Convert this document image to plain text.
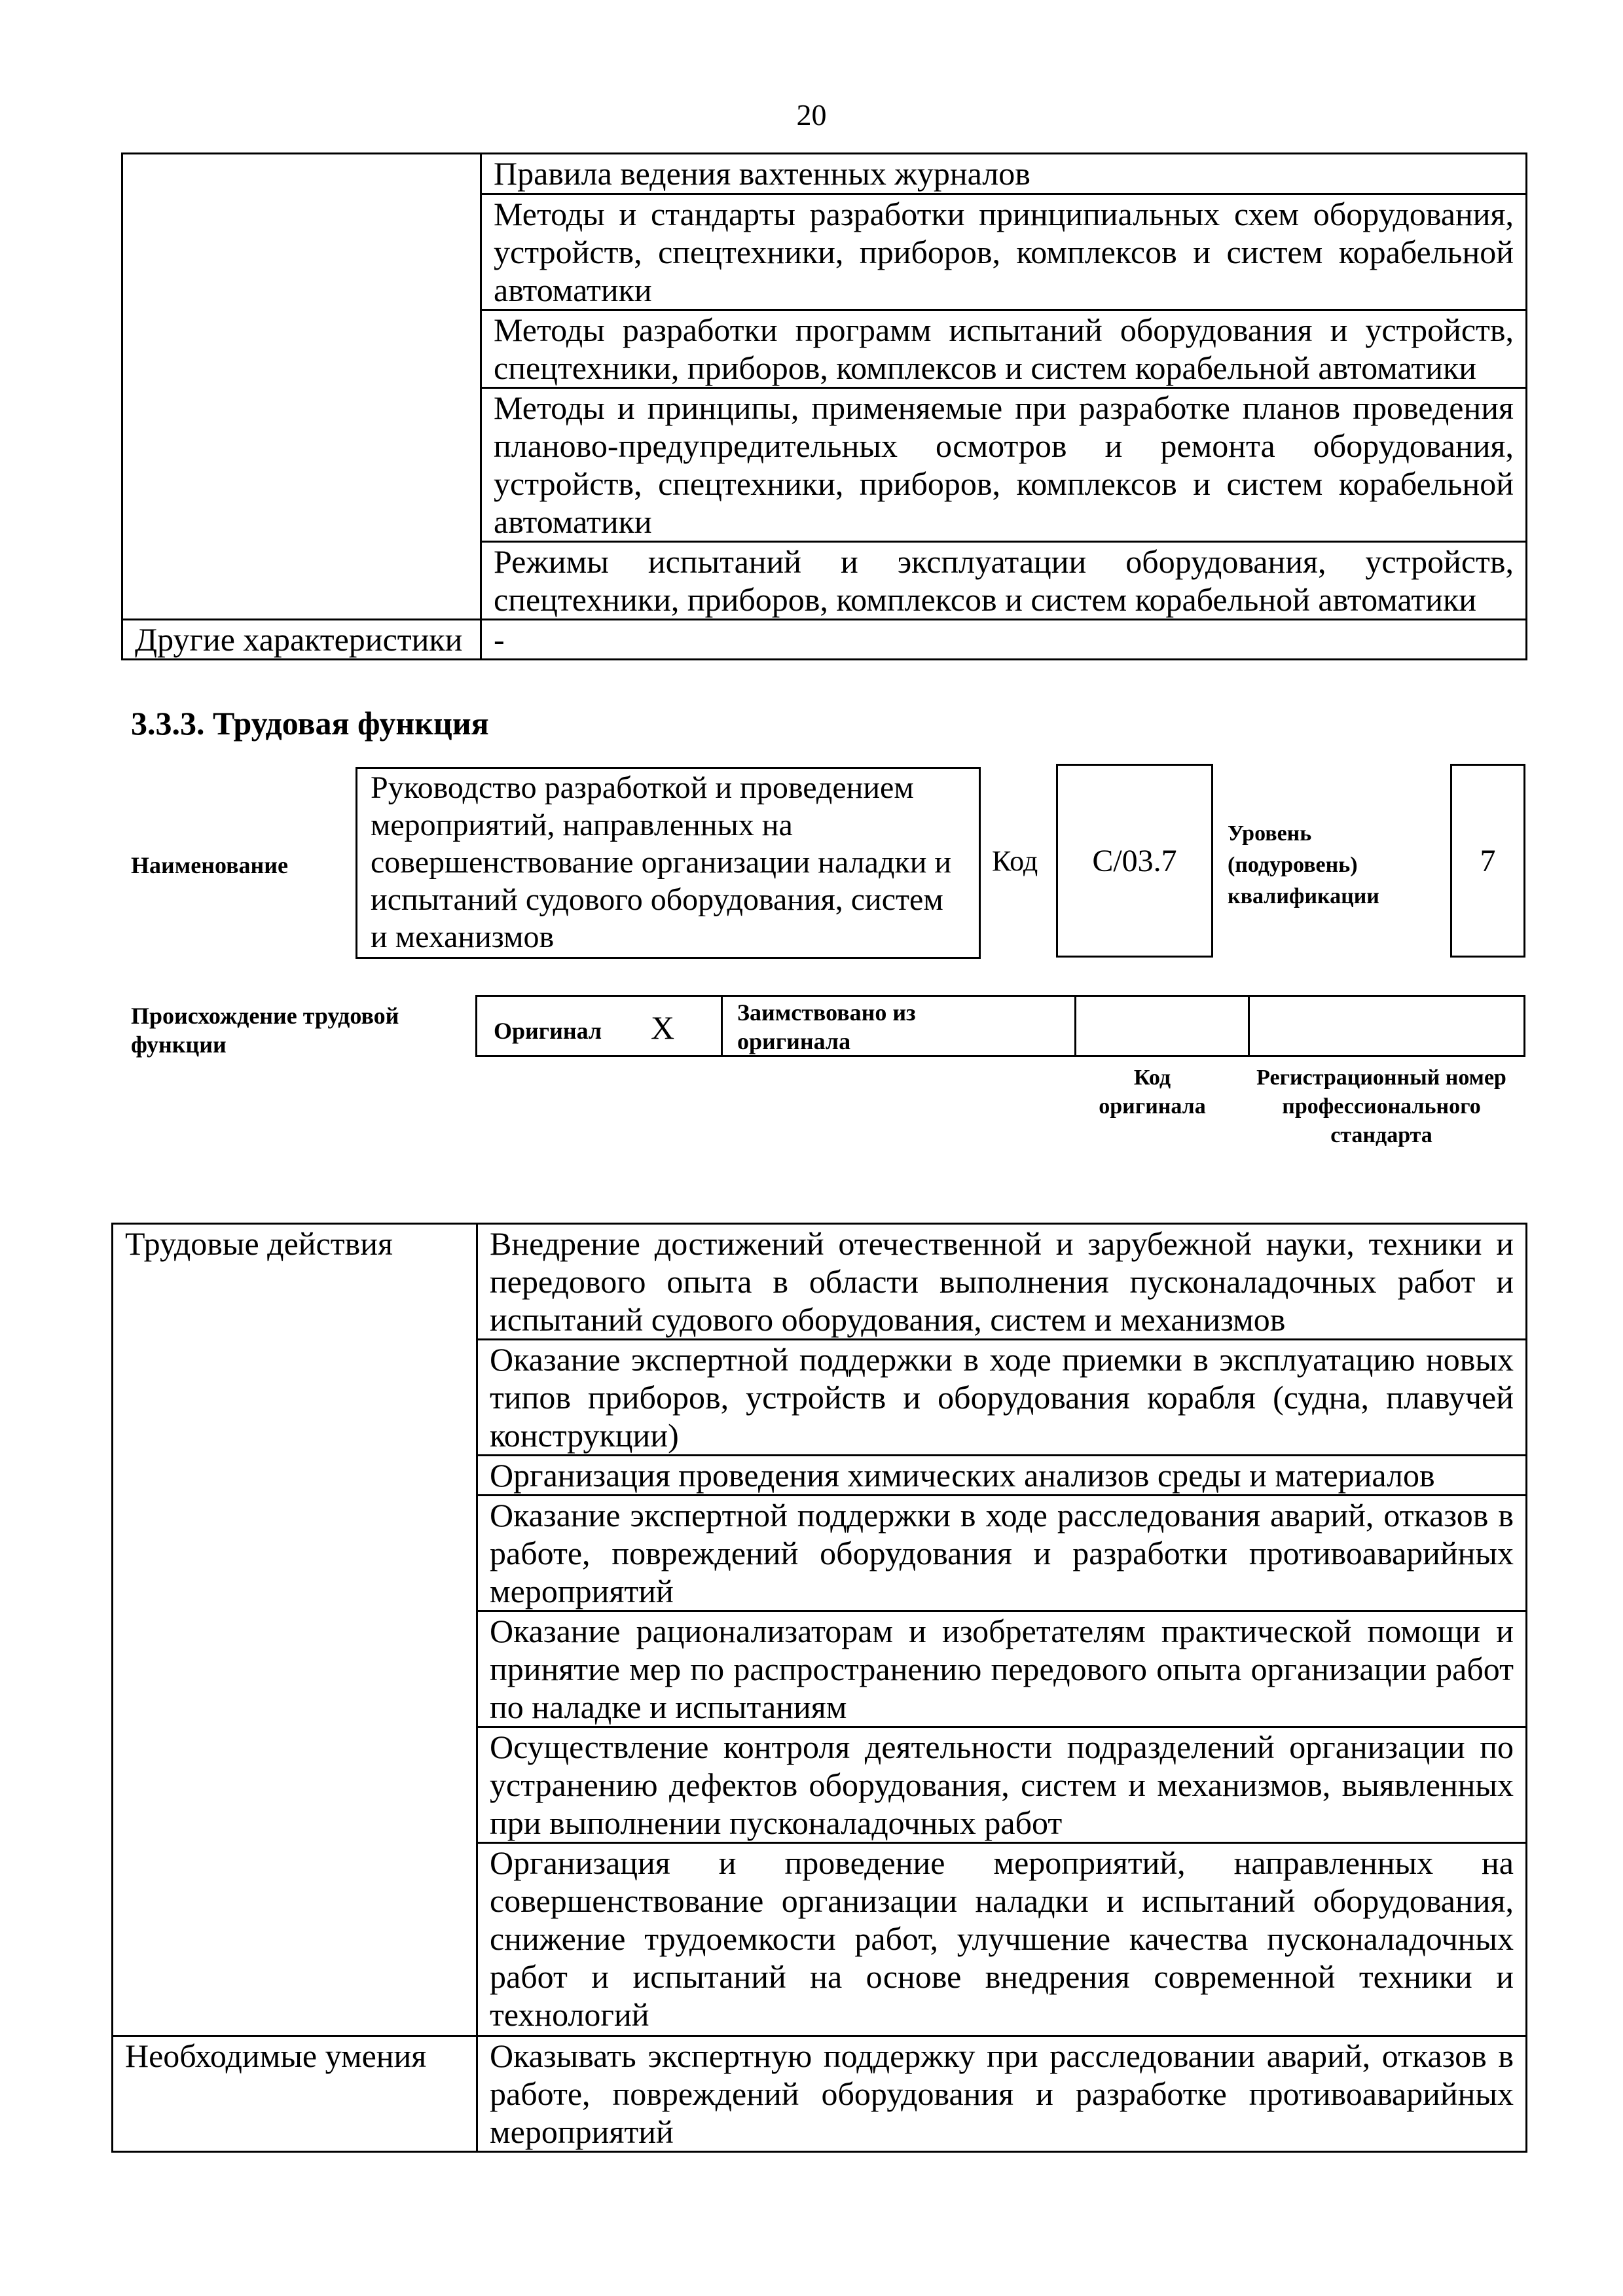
20
	Правила ведения вахтенных журналов
	Методы и стандарты разработки принципиальных схем оборудования, устройств, спецтехники, приборов, комплексов и систем корабельной автоматики
	Методы разработки программ испытаний оборудования и устройств, спецтехники, приборов, комплексов и систем корабельной автоматики
	Методы и принципы, применяемые при разработке планов проведения планово-предупредительных осмотров и ремонта оборудования, устройств, спецтехники, приборов, комплексов и систем корабельной автоматики
	Режимы испытаний и эксплуатации оборудования, устройств, спецтехники, приборов, комплексов и систем корабельной автоматики
Другие характеристики	-
3.3.3. Трудовая функция
Наименование
Руководство разработкой и проведением мероприятий, направленных на совершенствование организации наладки и испытаний судового оборудования, систем и механизмов
Код	С/03.7
Уровень (подуровень) квалификации
7
Происхождение трудовой функции
Оригинал X	Заимствовано из оригинала
Код оригинала
Регистрационный номер профессионального стандарта
Трудовые действия	Внедрение достижений отечественной и зарубежной науки, техники и передового опыта в области выполнения пусконаладочных работ и испытаний судового оборудования, систем и механизмов
	Оказание экспертной поддержки в ходе приемки в эксплуатацию новых типов приборов, устройств и оборудования корабля (судна, плавучей конструкции)
	Организация проведения химических анализов среды и материалов
	Оказание экспертной поддержки в ходе расследования аварий, отказов в работе, повреждений оборудования и разработки противоаварийных мероприятий
	Оказание рационализаторам и изобретателям практической помощи и принятие мер по распространению передового опыта организации работ по наладке и испытаниям
	Осуществление контроля деятельности подразделений организации по устранению дефектов оборудования, систем и механизмов, выявленных при выполнении пусконаладочных работ
	Организация и проведение мероприятий, направленных на совершенствование организации наладки и испытаний оборудования, снижение трудоемкости работ, улучшение качества пусконаладочных работ и испытаний на основе внедрения современной техники и технологий
Необходимые умения	Оказывать экспертную поддержку при расследовании аварий, отказов в работе, повреждений оборудования и разработке противоаварийных мероприятий
